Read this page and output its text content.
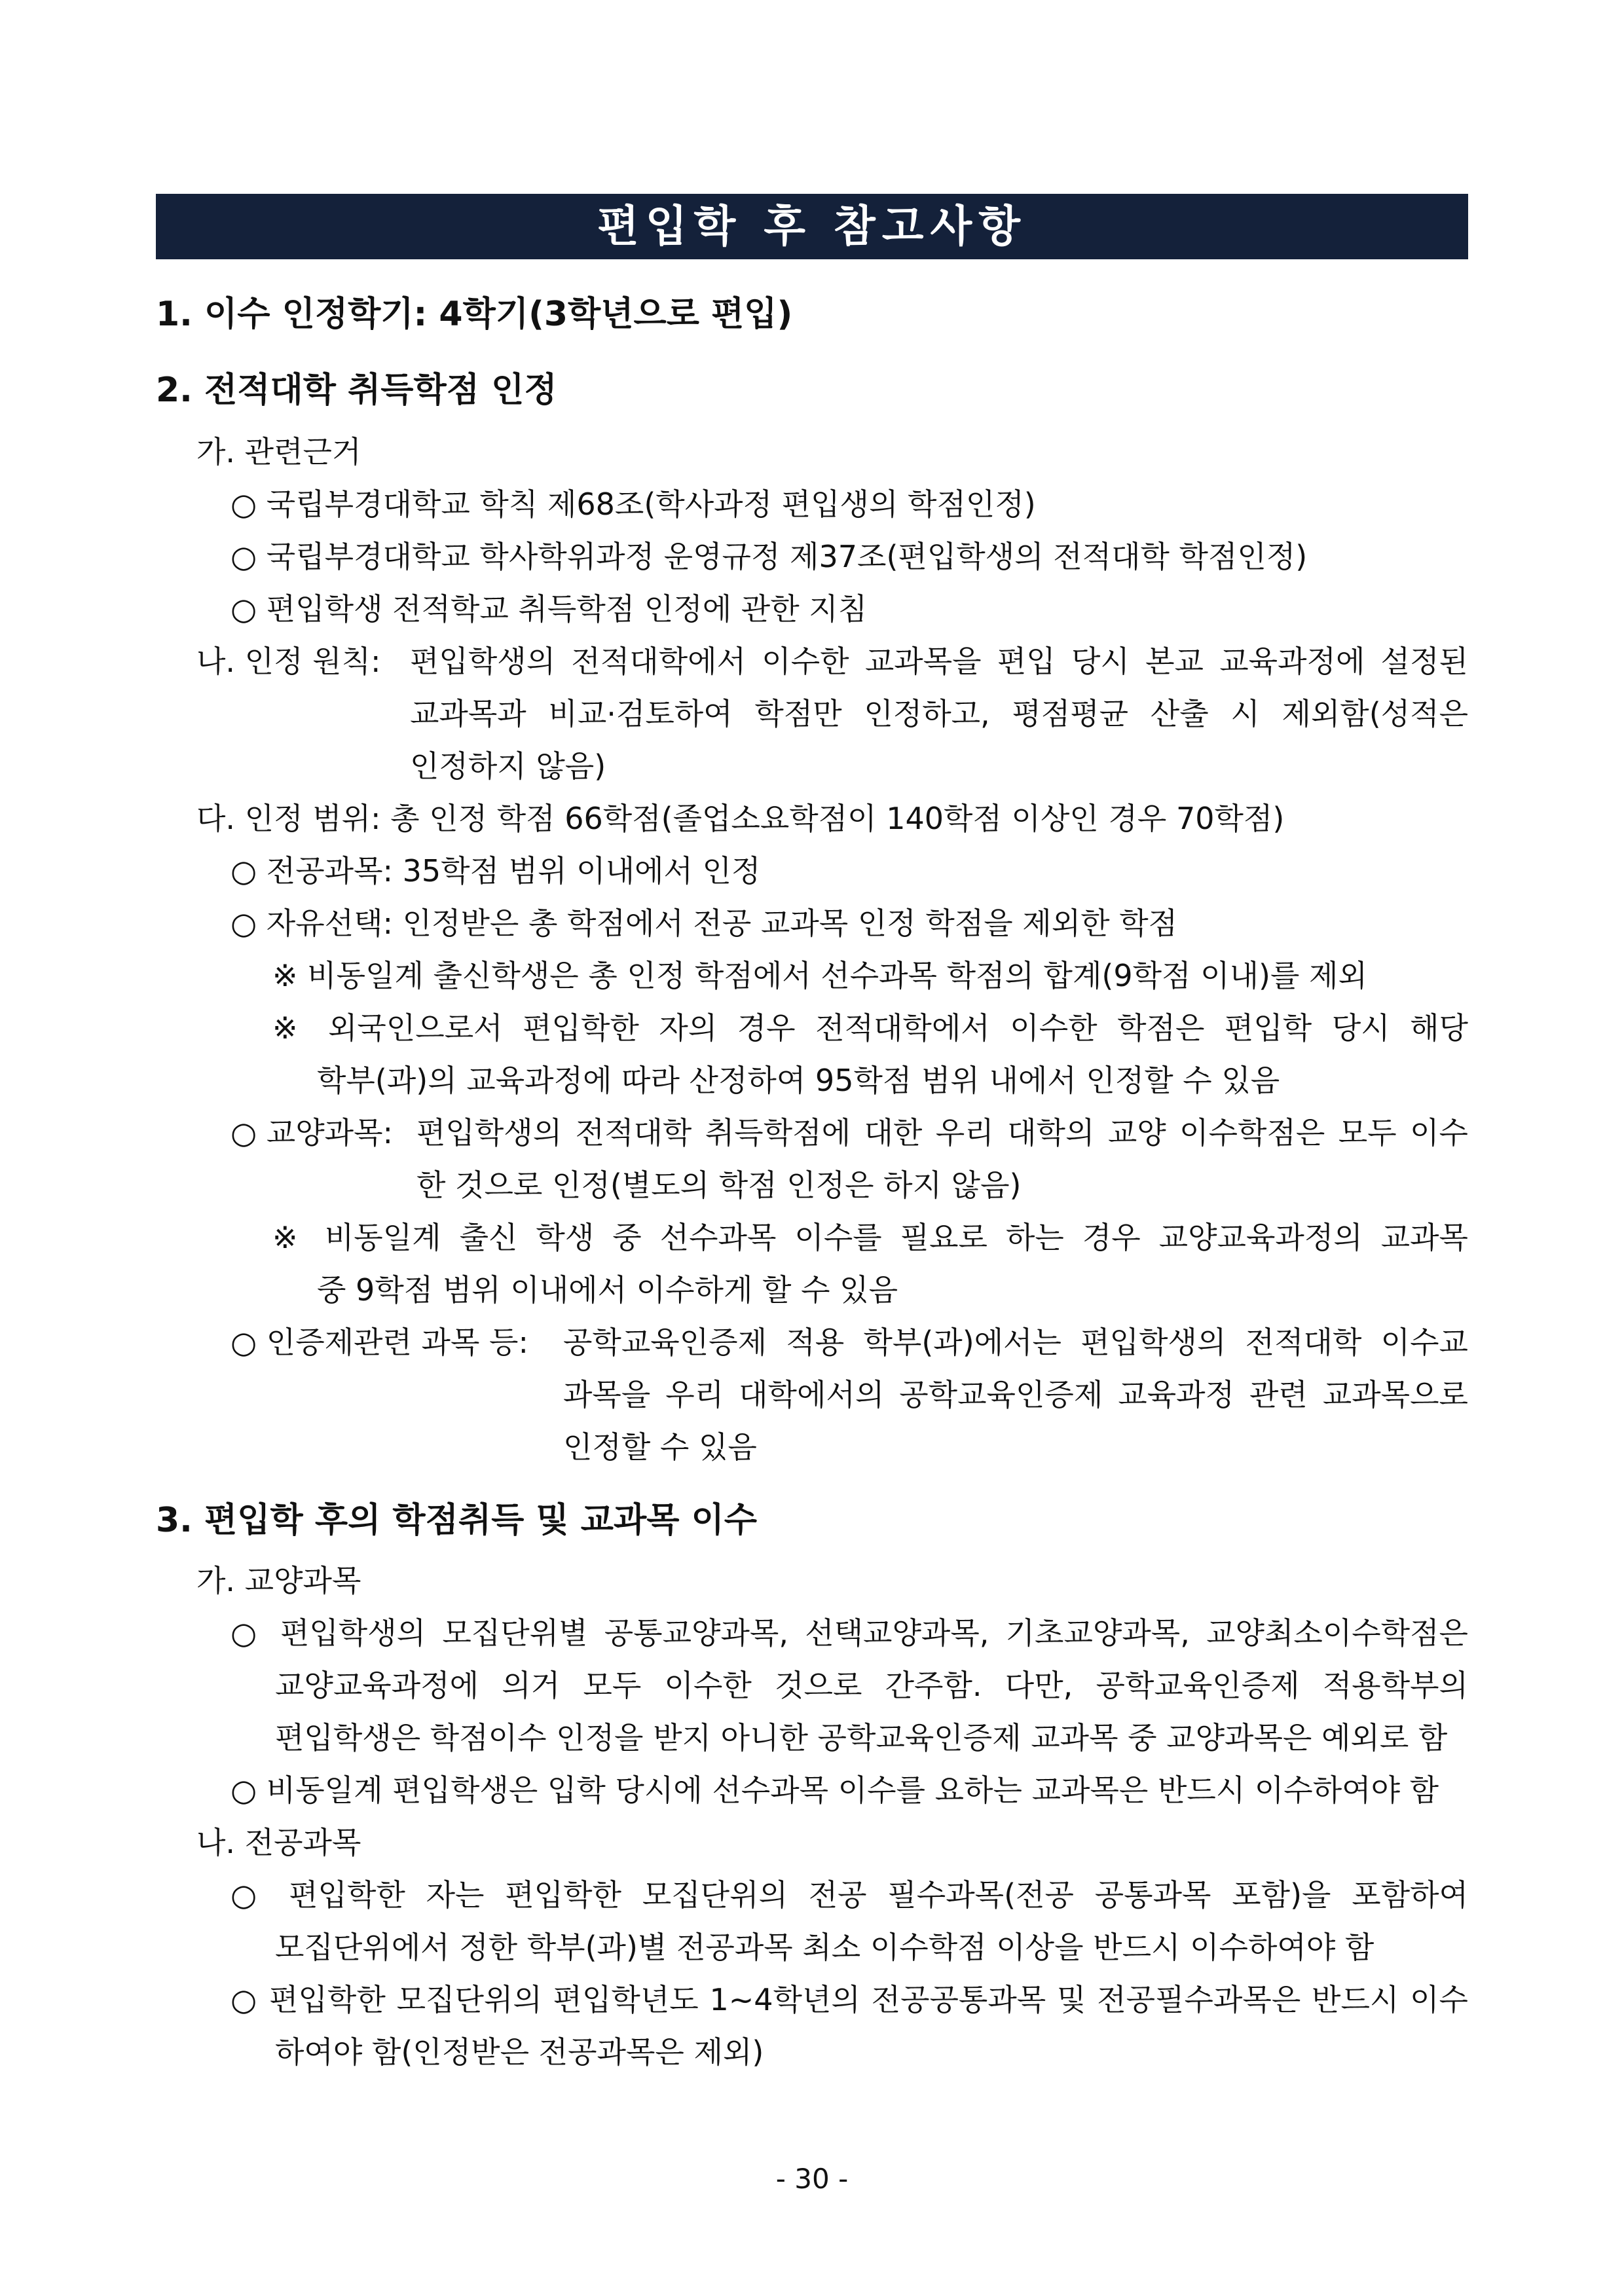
편입학 후 참고사항
1. 이수 인정학기: 4학기(3학년으로 편입)
2. 전적대학 취득학점 인정
가. 관련근거
○ 국립부경대학교 학칙 제68조(학사과정 편입생의 학점인정)
○ 국립부경대학교 학사학위과정 운영규정 제37조(편입학생의 전적대학 학점인정)
○ 편입학생 전적학교 취득학점 인정에 관한 지침
나. 인정 원칙: 편입학생의 전적대학에서 이수한 교과목을 편입 당시 본교 교육과정에 설정된
교과목과 비교·검토하여 학점만 인정하고, 평점평균 산출 시 제외함(성적은
인정하지 않음)
다. 인정 범위: 총 인정 학점 66학점(졸업소요학점이 140학점 이상인 경우 70학점)
○ 전공과목: 35학점 범위 이내에서 인정
○ 자유선택: 인정받은 총 학점에서 전공 교과목 인정 학점을 제외한 학점
※ 비동일계 출신학생은 총 인정 학점에서 선수과목 학점의 합계(9학점 이내)를 제외
※ 외국인으로서 편입학한 자의 경우 전적대학에서 이수한 학점은 편입학 당시 해당
학부(과)의 교육과정에 따라 산정하여 95학점 범위 내에서 인정할 수 있음
○ 교양과목: 편입학생의 전적대학 취득학점에 대한 우리 대학의 교양 이수학점은 모두 이수
한 것으로 인정(별도의 학점 인정은 하지 않음)
※ 비동일계 출신 학생 중 선수과목 이수를 필요로 하는 경우 교양교육과정의 교과목
중 9학점 범위 이내에서 이수하게 할 수 있음
○ 인증제관련 과목 등: 공학교육인증제 적용 학부(과)에서는 편입학생의 전적대학 이수교
과목을 우리 대학에서의 공학교육인증제 교육과정 관련 교과목으로
인정할 수 있음
3. 편입학 후의 학점취득 및 교과목 이수
가. 교양과목
○ 편입학생의 모집단위별 공통교양과목, 선택교양과목, 기초교양과목, 교양최소이수학점은
교양교육과정에 의거 모두 이수한 것으로 간주함. 다만, 공학교육인증제 적용학부의
편입학생은 학점이수 인정을 받지 아니한 공학교육인증제 교과목 중 교양과목은 예외로 함
○ 비동일계 편입학생은 입학 당시에 선수과목 이수를 요하는 교과목은 반드시 이수하여야 함
나. 전공과목
○ 편입학한 자는 편입학한 모집단위의 전공 필수과목(전공 공통과목 포함)을 포함하여
모집단위에서 정한 학부(과)별 전공과목 최소 이수학점 이상을 반드시 이수하여야 함
○ 편입학한 모집단위의 편입학년도 1~4학년의 전공공통과목 및 전공필수과목은 반드시 이수
하여야 함(인정받은 전공과목은 제외)
- 30 -
